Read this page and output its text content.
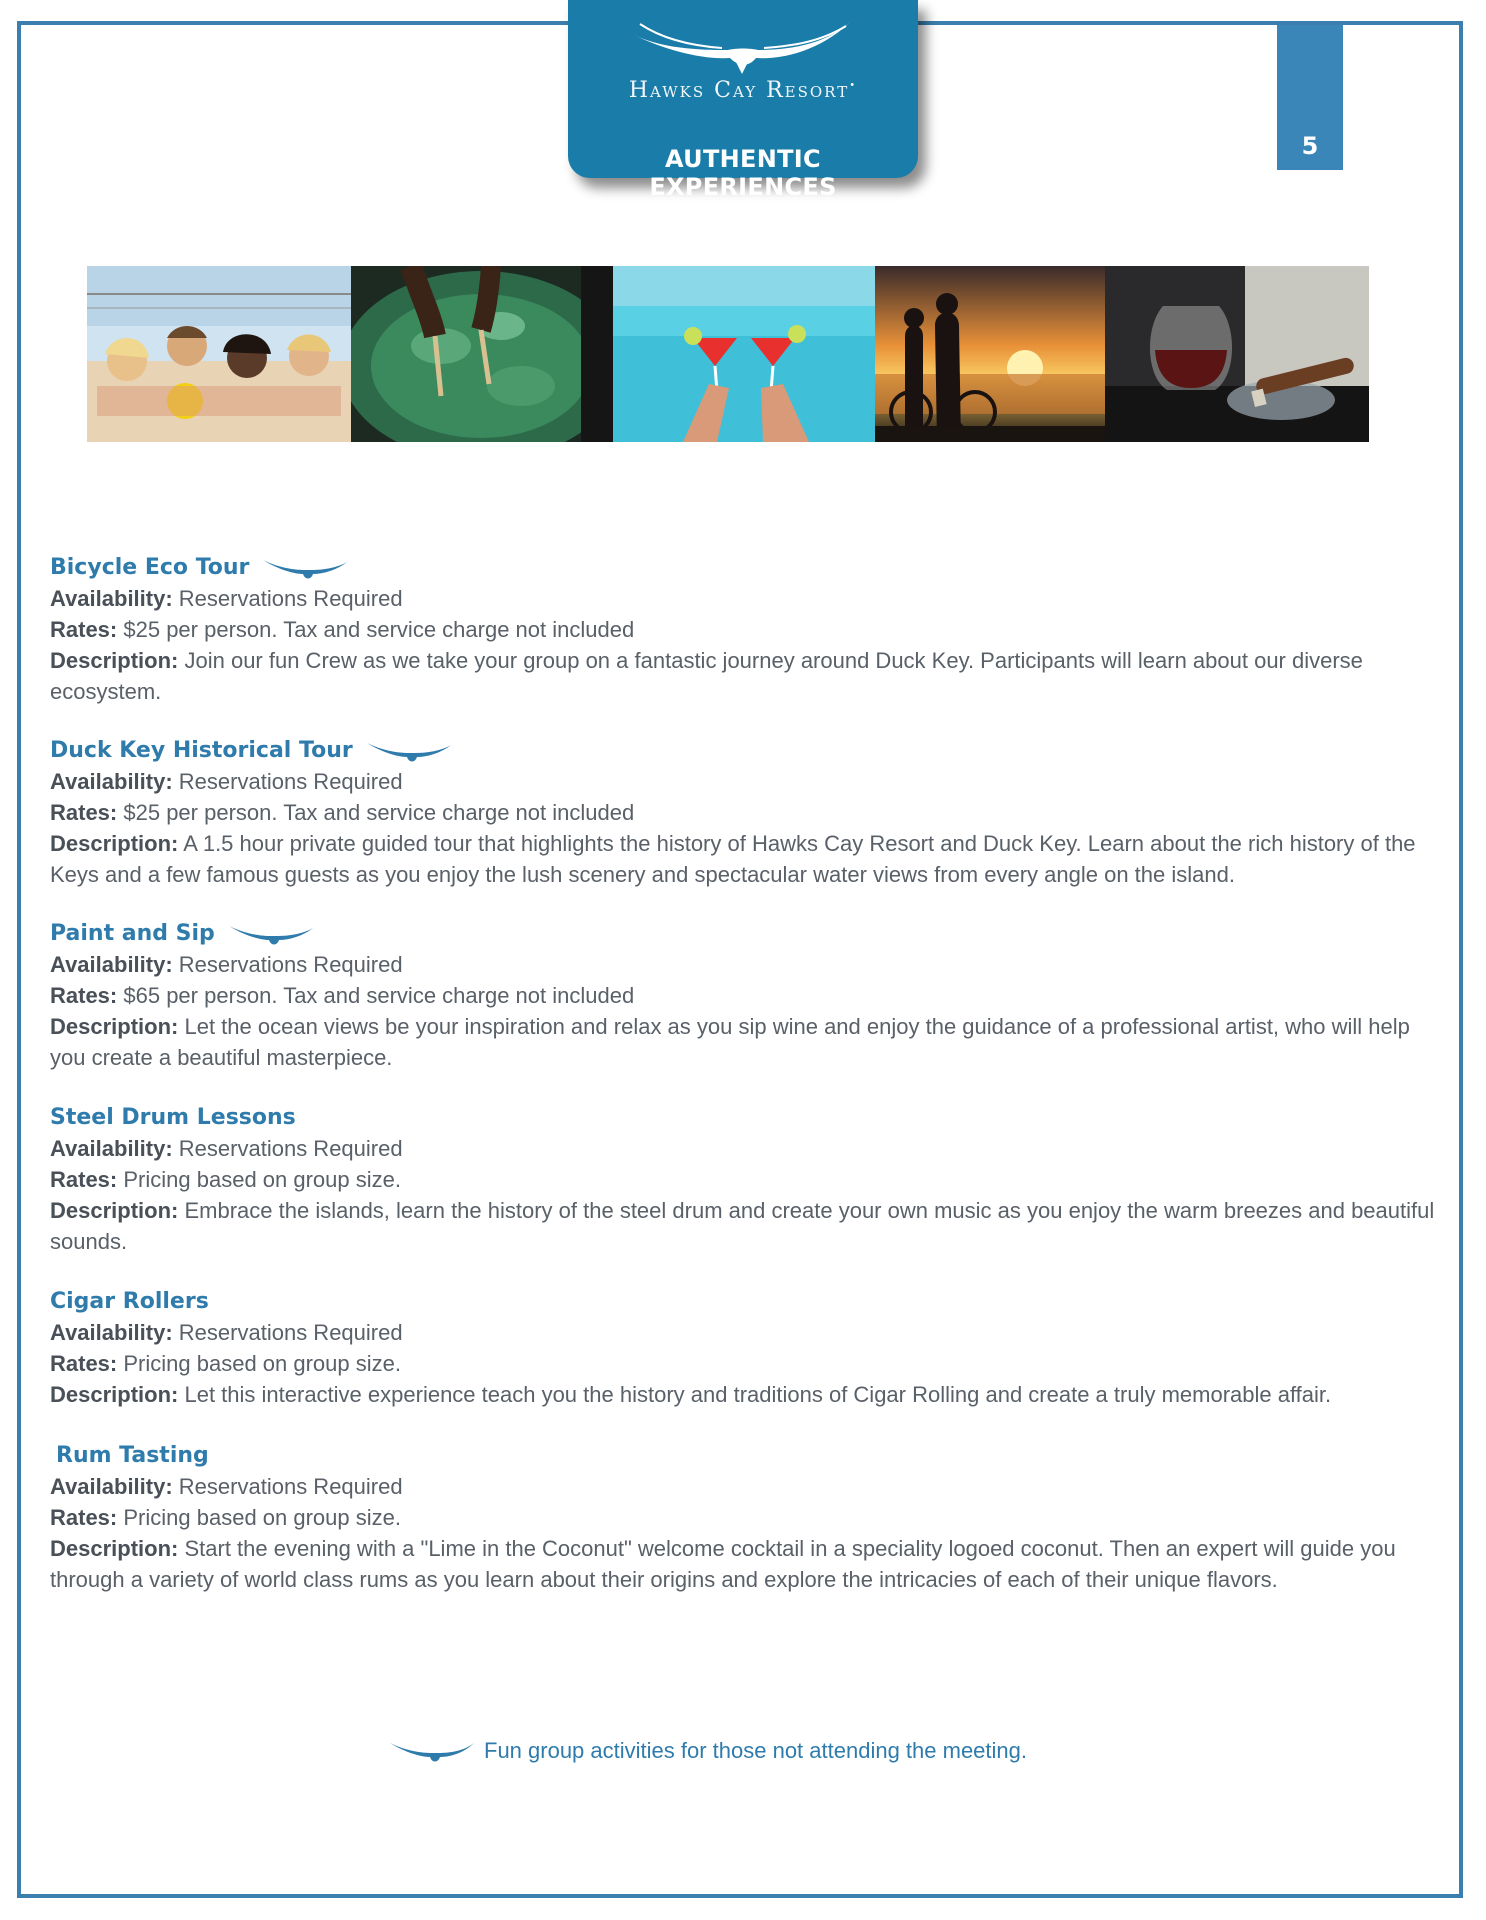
Hawks Cay Resort•
AUTHENTIC EXPERIENCES
5
Bicycle Eco Tour
Availability: Reservations Required
Rates: $25 per person. Tax and service charge not included
Description: Join our fun Crew as we take your group on a fantastic journey around Duck Key. Participants will learn about our diverse ecosystem.
Duck Key Historical Tour
Availability: Reservations Required
Rates: $25 per person. Tax and service charge not included
Description: A 1.5 hour private guided tour that highlights the history of Hawks Cay Resort and Duck Key. Learn about the rich history of the Keys and a few famous guests as you enjoy the lush scenery and spectacular water views from every angle on the island.
Paint and Sip
Availability: Reservations Required
Rates: $65 per person. Tax and service charge not included
Description: Let the ocean views be your inspiration and relax as you sip wine and enjoy the guidance of a professional artist, who will help you create a beautiful masterpiece.
Steel Drum Lessons
Availability: Reservations Required
Rates: Pricing based on group size.
Description: Embrace the islands, learn the history of the steel drum and create your own music as you enjoy the warm breezes and beautiful sounds.
Cigar Rollers
Availability: Reservations Required
Rates: Pricing based on group size.
Description: Let this interactive experience teach you the history and traditions of Cigar Rolling and create a truly memorable affair.
Rum Tasting
Availability: Reservations Required
Rates: Pricing based on group size.
Description: Start the evening with a "Lime in the Coconut" welcome cocktail in a speciality logoed coconut. Then an expert will guide you through a variety of world class rums as you learn about their origins and explore the intricacies of each of their unique flavors.
Fun group activities for those not attending the meeting.
